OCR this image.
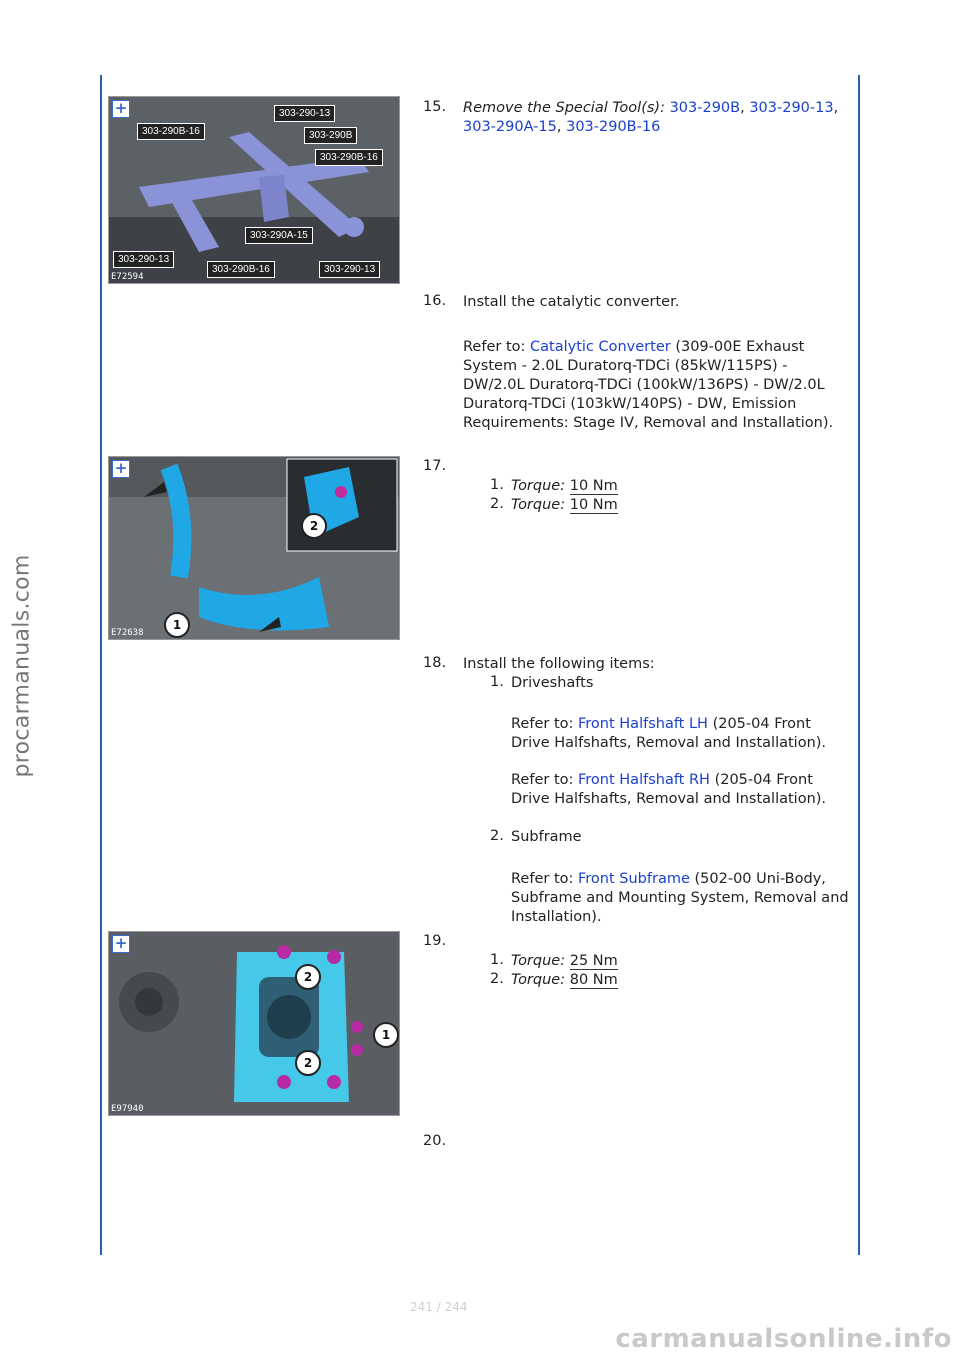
procarmanuals.com
+	303-290-13
303-290B-16	303-290B
303-290B-16
303-290A-15
303-290-13
303-290B-16	303-290-13
E72594
15. Remove the Special Tool(s): 303-290B, 303-290-13, 303-290A-15, 303-290B-16
16. Install the catalytic converter.
Refer to: Catalytic Converter (309-00E Exhaust System - 2.0L Duratorq-TDCi (85kW/115PS) - DW/2.0L Duratorq-TDCi (100kW/136PS) - DW/2.0L Duratorq-TDCi (103kW/140PS) - DW, Emission Requirements: Stage IV, Removal and Installation).
+
1
2
E72638
17.
1. Torque: 10 Nm
2. Torque: 10 Nm
18. Install the following items:
1. Driveshafts
Refer to: Front Halfshaft LH (205-04 Front Drive Halfshafts, Removal and Installation).
Refer to: Front Halfshaft RH (205-04 Front Drive Halfshafts, Removal and Installation).
2. Subframe
Refer to: Front Subframe (502-00 Uni-Body, Subframe and Mounting System, Removal and Installation).
+
2
1
2
E97940
19.
1. Torque: 25 Nm
2. Torque: 80 Nm
20.
241 / 244
carmanualsonline.info
